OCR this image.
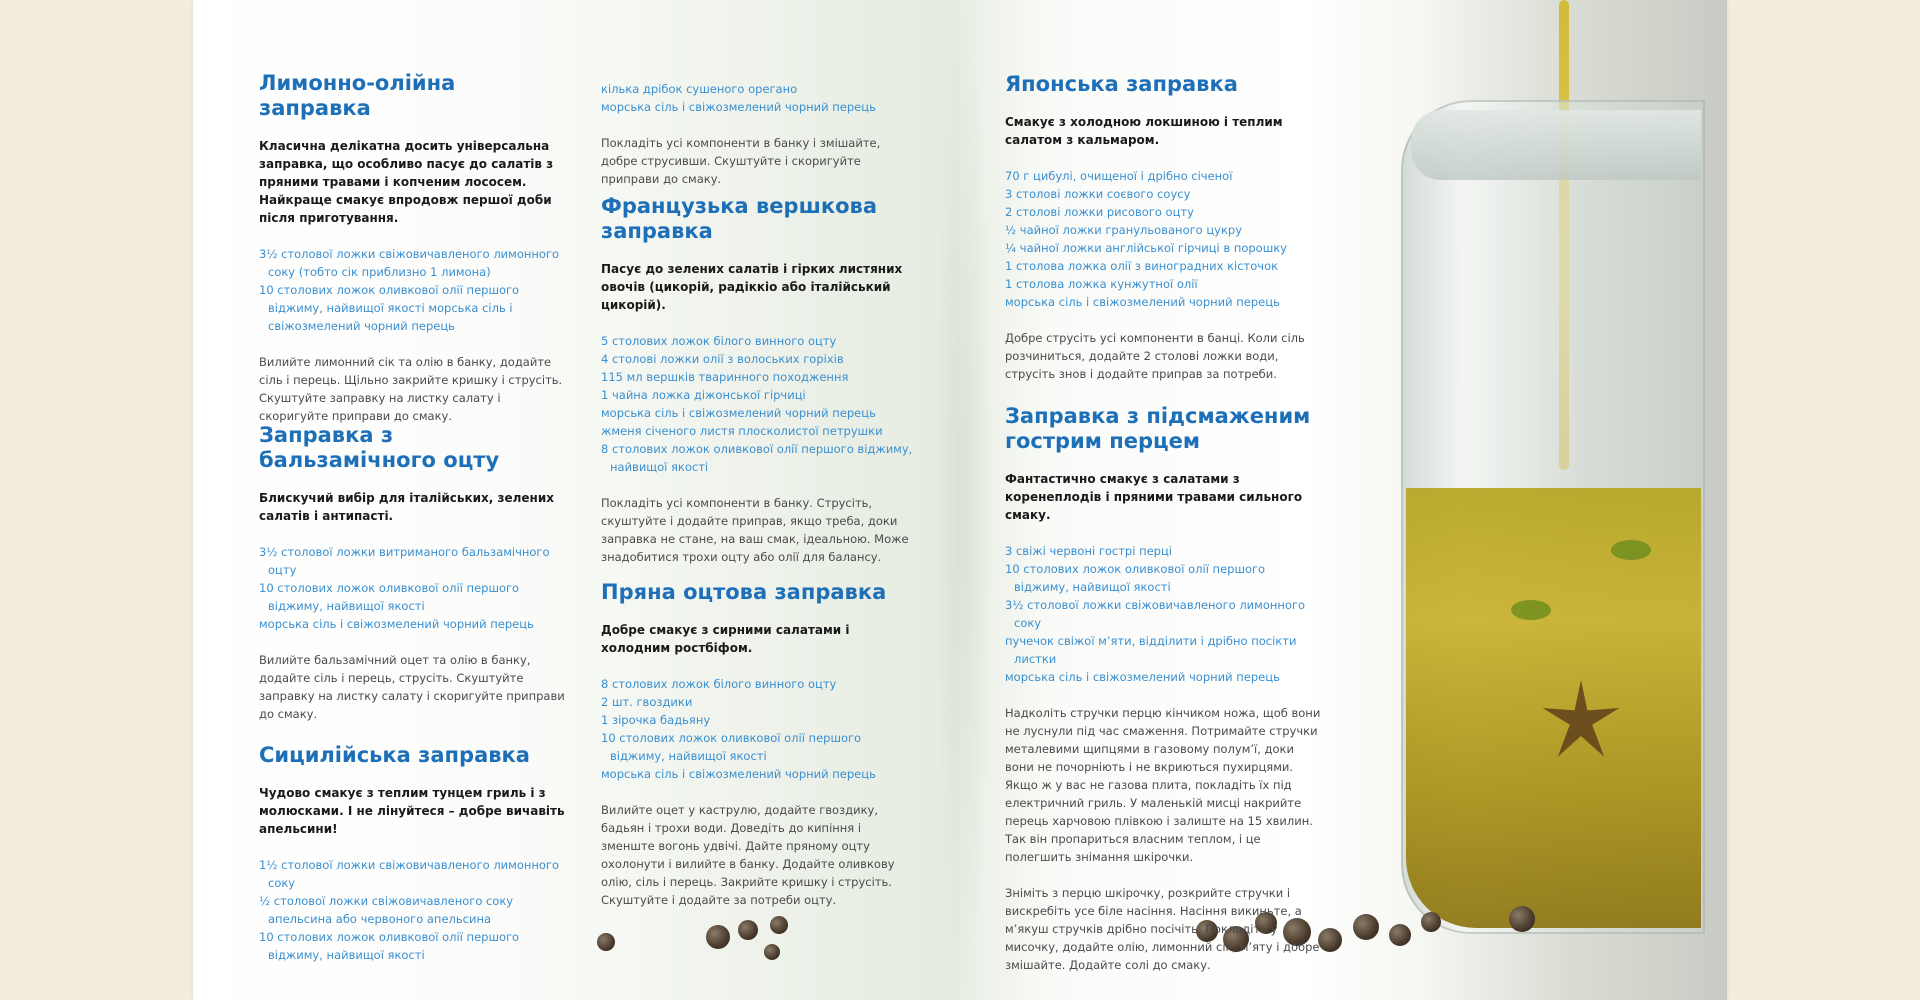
Лимонно-олійна заправка

Класична делікатна досить універсальна заправка, що особливо пасує до салатів з пряними травами і копченим лососем. Найкраще смакує впродовж першої доби після приготування.

3½ столової ложки свіжовичавленого лимонного соку (тобто сік приблизно 1 лимона)
10 столових ложок оливкової олії першого віджиму, найвищої якості морська сіль і свіжозмелений чорний перець

Вилийте лимонний сік та олію в банку, додайте сіль і перець. Щільно закрийте кришку і струсіть. Скуштуйте заправку на листку салату і скоригуйте приправи до смаку.

Заправка з бальзамічного оцту

Блискучий вибір для італійських, зелених салатів і антипасті.

3½ столової ложки витриманого бальзамічного оцту
10 столових ложок оливкової олії першого віджиму, найвищої якості
морська сіль і свіжозмелений чорний перець

Вилийте бальзамічний оцет та олію в банку, додайте сіль і перець, струсіть. Скуштуйте заправку на листку салату і скоригуйте приправи до смаку.

Сицилійська заправка

Чудово смакує з теплим тунцем гриль і з молюсками. І не лінуйтеся – добре вичавіть апельсини!

1½ столової ложки свіжовичавленого лимонного соку
½ столової ложки свіжовичавленого соку апельсина або червоного апельсина
10 столових ложок оливкової олії першого віджиму, найвищої якості
кілька дрібок сушеного орегано
морська сіль і свіжозмелений чорний перець

Покладіть усі компоненти в банку і змішайте, добре струсивши. Скуштуйте і скоригуйте приправи до смаку.

Французька вершкова заправка

Пасує до зелених салатів і гірких листяних овочів (цикорій, радіккіо або італійський цикорій).

5 столових ложок білого винного оцту
4 столові ложки олії з волоських горіхів
115 мл вершків тваринного походження
1 чайна ложка діжонської гірчиці
морська сіль і свіжозмелений чорний перець
жменя січеного листя плосколистої петрушки
8 столових ложок оливкової олії першого віджиму, найвищої якості

Покладіть усі компоненти в банку. Струсіть, скуштуйте і додайте приправ, якщо треба, доки заправка не стане, на ваш смак, ідеальною. Може знадобитися трохи оцту або олії для балансу.

Пряна оцтова заправка

Добре смакує з сирними салатами і холодним ростбіфом.

8 столових ложок білого винного оцту
2 шт. гвоздики
1 зірочка бадьяну
10 столових ложок оливкової олії першого віджиму, найвищої якості
морська сіль і свіжозмелений чорний перець

Вилийте оцет у каструлю, додайте гвоздику, бадьян і трохи води. Доведіть до кипіння і зменште вогонь удвічі. Дайте пряному оцту охолонути і вилийте в банку. Додайте оливкову олію, сіль і перець. Закрийте кришку і струсіть. Скуштуйте і додайте за потреби оцту.

Японська заправка

Смакує з холодною локшиною і теплим салатом з кальмаром.

70 г цибулі, очищеної і дрібно січеної
3 столові ложки соєвого соусу
2 столові ложки рисового оцту
½ чайної ложки гранульованого цукру
¼ чайної ложки англійської гірчиці в порошку
1 столова ложка олії з виноградних кісточок
1 столова ложка кунжутної олії
морська сіль і свіжозмелений чорний перець

Добре струсіть усі компоненти в банці. Коли сіль розчиниться, додайте 2 столові ложки води, струсіть знов і додайте приправ за потреби.

Заправка з підсмаженим гострим перцем

Фантастично смакує з салатами з коренеплодів і пряними травами сильного смаку.

3 свіжі червоні гострі перці
10 столових ложок оливкової олії першого віджиму, найвищої якості
3½ столової ложки свіжовичавленого лимонного соку
пучечок свіжої м’яти, відділити і дрібно посікти листки
морська сіль і свіжозмелений чорний перець

Надколіть стручки перцю кінчиком ножа, щоб вони не луснули під час смаження. Потримайте стручки металевими щипцями в газовому полум’ї, доки вони не почорніють і не вкриються пухирцями. Якщо ж у вас не газова плита, покладіть їх під електричний гриль. У маленькій мисці накрийте перець харчовою плівкою і залиште на 15 хвилин. Так він пропариться власним теплом, і це полегшить знімання шкірочки.

Зніміть з перцю шкірочку, розкрийте стручки і вискребіть усе біле насіння. Насіння викиньте, а м’якуш стручків дрібно посічіть. Покладіть у мисочку, додайте олію, лимонний сік, м’яту і добре змішайте. Додайте солі до смаку.
